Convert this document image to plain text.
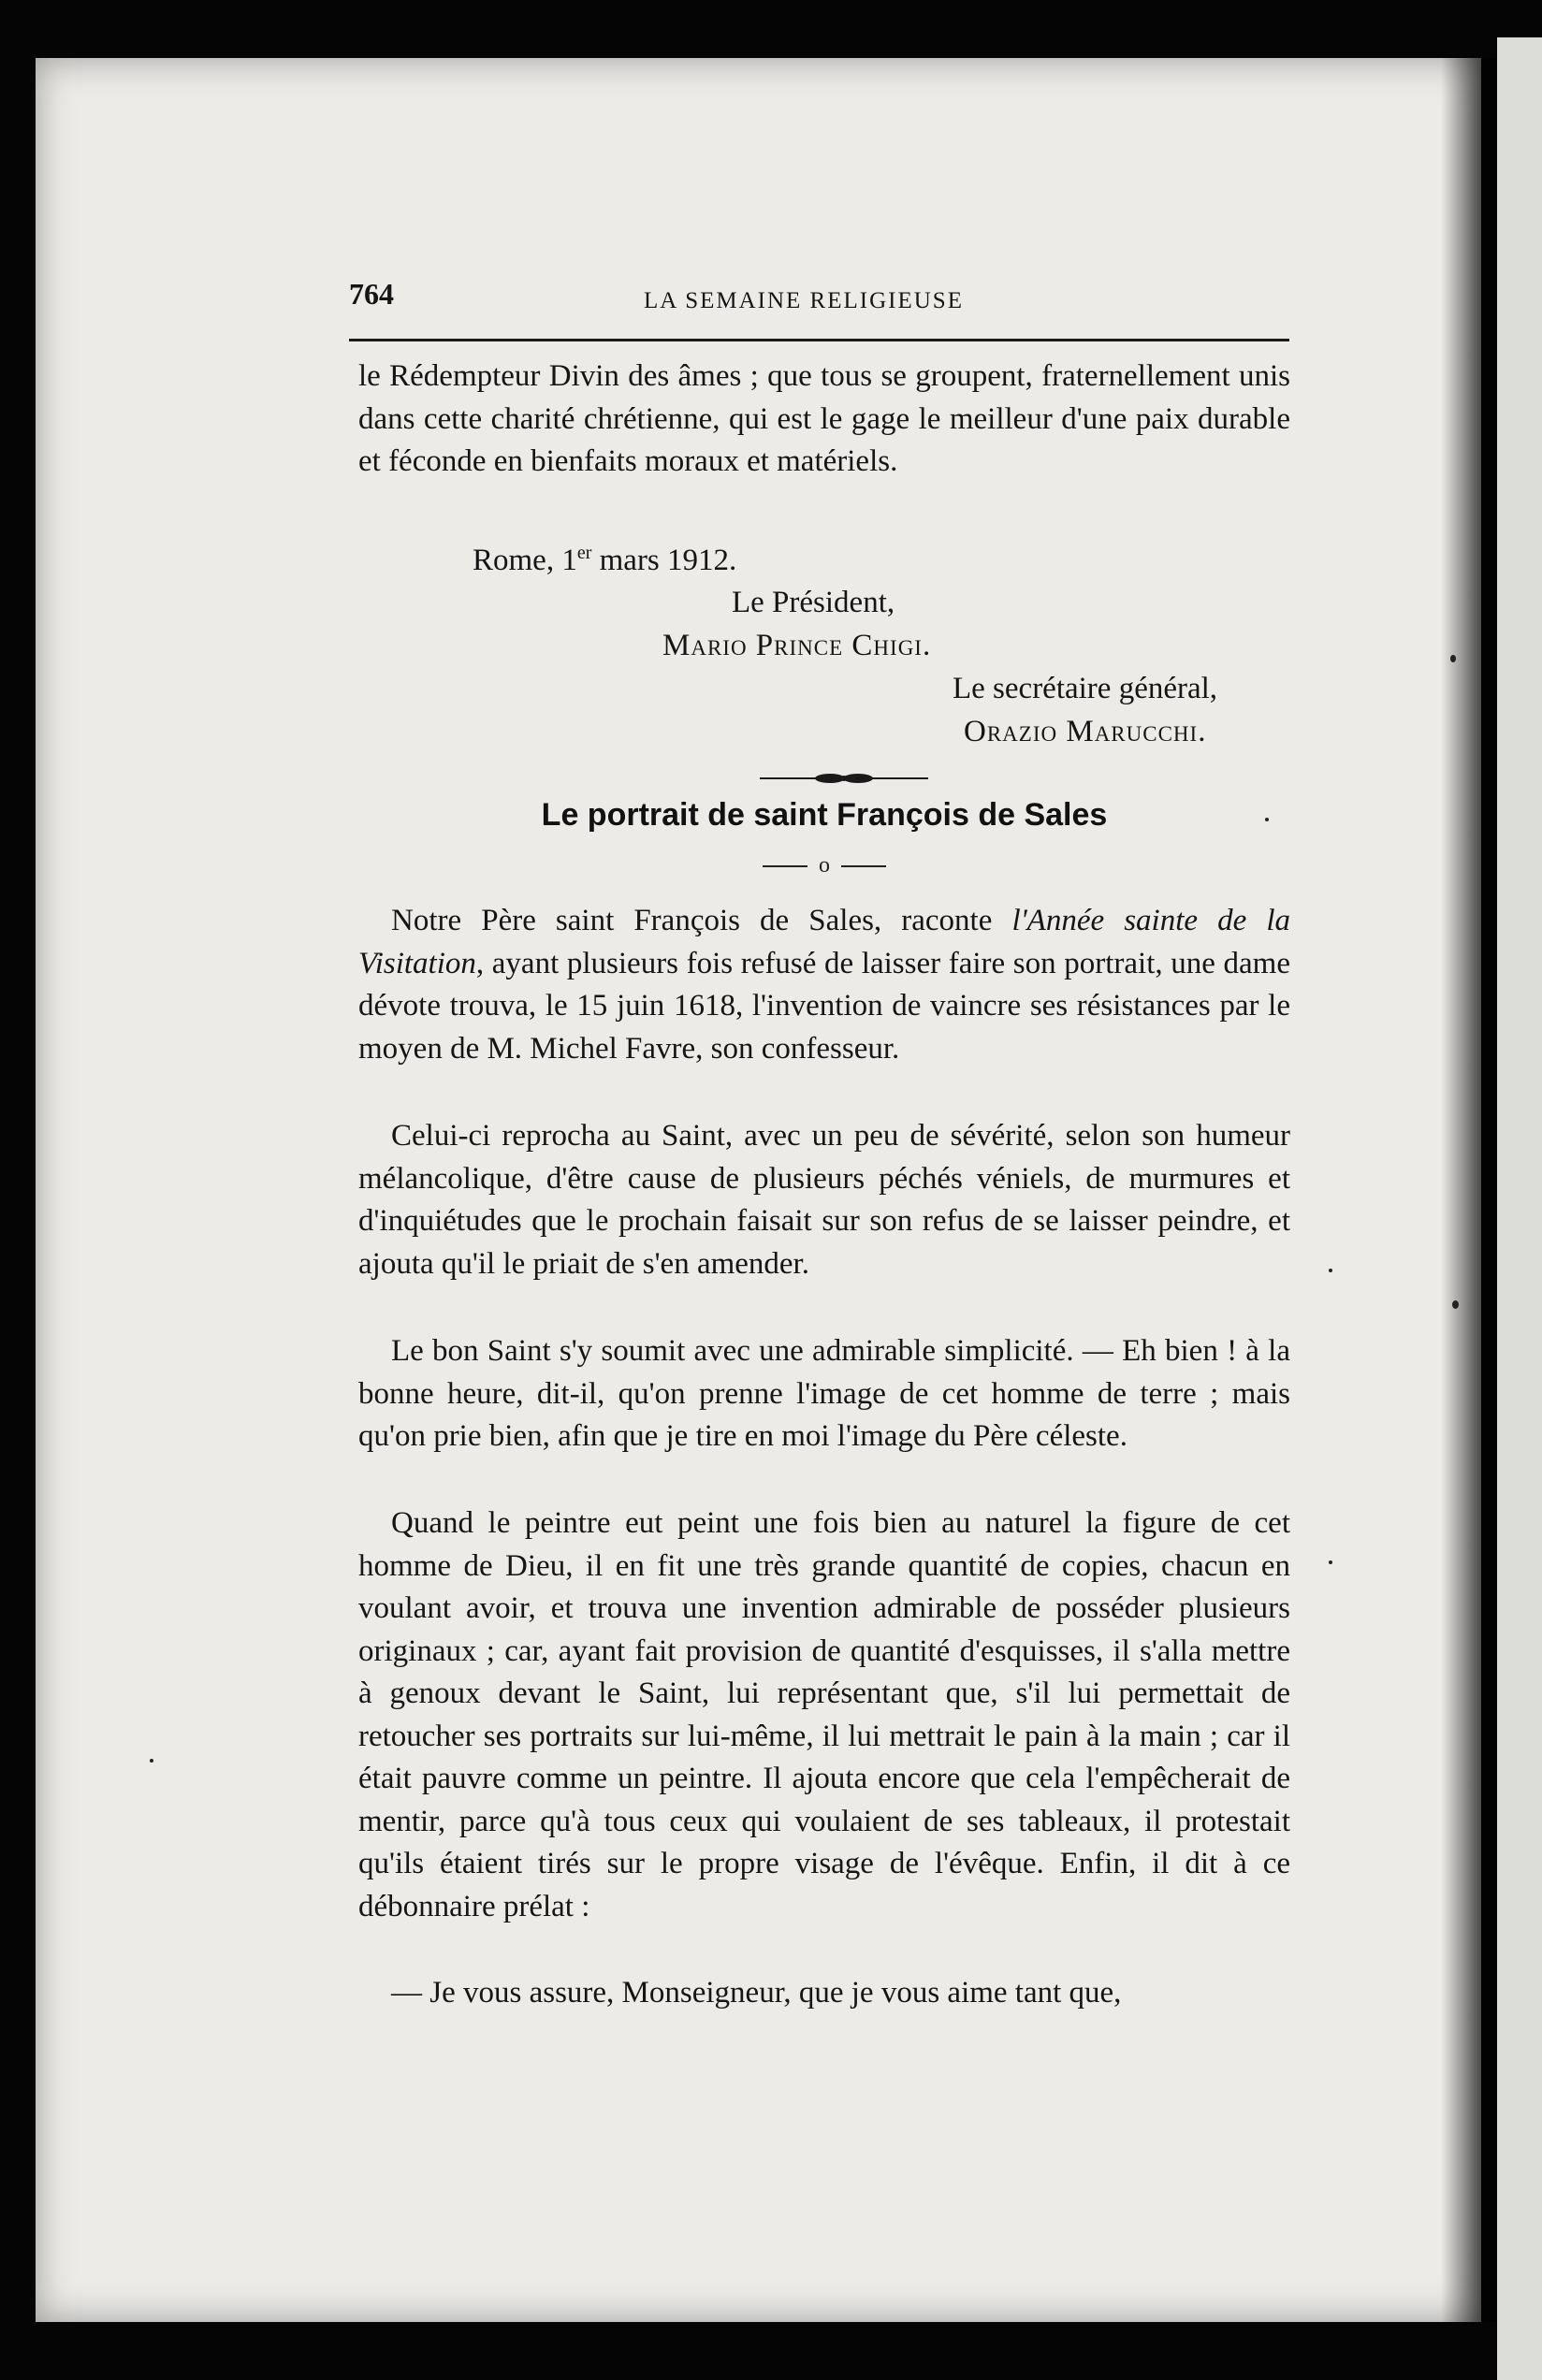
764	LA SEMAINE RELIGIEUSE

le Rédempteur Divin des âmes ; que tous se groupent, fraternellement unis dans cette charité chrétienne, qui est le gage le meilleur d'une paix durable et féconde en bienfaits moraux et matériels.

Rome, 1er mars 1912.

Le Président,

Mario Prince Chigi.

Le secrétaire général,

Orazio Marucchi.

Le portrait de saint François de Sales

o

Notre Père saint François de Sales, raconte l'Année sainte de la Visitation, ayant plusieurs fois refusé de laisser faire son portrait, une dame dévote trouva, le 15 juin 1618, l'invention de vaincre ses résistances par le moyen de M. Michel Favre, son confesseur.

Celui-ci reprocha au Saint, avec un peu de sévérité, selon son humeur mélancolique, d'être cause de plusieurs péchés véniels, de murmures et d'inquiétudes que le prochain faisait sur son refus de se laisser peindre, et ajouta qu'il le priait de s'en amender.

Le bon Saint s'y soumit avec une admirable simplicité. — Eh bien ! à la bonne heure, dit-il, qu'on prenne l'image de cet homme de terre ; mais qu'on prie bien, afin que je tire en moi l'image du Père céleste.

Quand le peintre eut peint une fois bien au naturel la figure de cet homme de Dieu, il en fit une très grande quantité de copies, chacun en voulant avoir, et trouva une invention admirable de posséder plusieurs originaux ; car, ayant fait provision de quantité d'esquisses, il s'alla mettre à genoux devant le Saint, lui représentant que, s'il lui permettait de retoucher ses portraits sur lui-même, il lui mettrait le pain à la main ; car il était pauvre comme un peintre. Il ajouta encore que cela l'empêcherait de mentir, parce qu'à tous ceux qui voulaient de ses tableaux, il protestait qu'ils étaient tirés sur le propre visage de l'évêque. Enfin, il dit à ce débonnaire prélat :

— Je vous assure, Monseigneur, que je vous aime tant que,
